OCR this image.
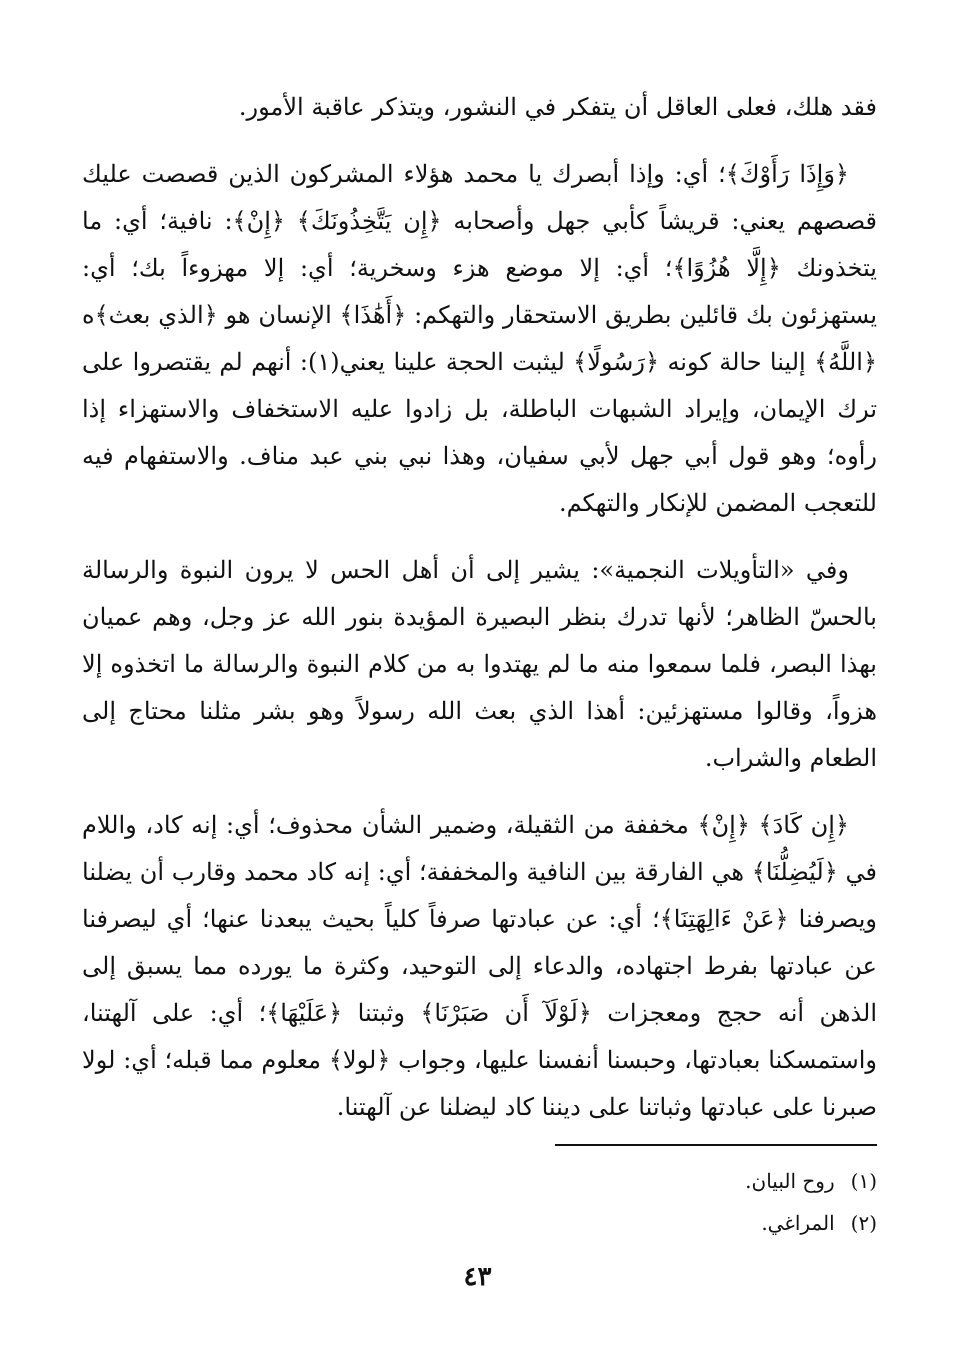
فقد هلك، فعلى العاقل أن يتفكر في النشور، ويتذكر عاقبة الأمور.

﴿وَإِذَا رَأَوْكَ﴾؛ أي: وإذا أبصرك يا محمد هؤلاء المشركون الذين قصصت عليك قصصهم يعني: قريشاً كأبي جهل وأصحابه ﴿إِن يَتَّخِذُونَكَ﴾ ﴿إِنْ﴾: نافية؛ أي: ما يتخذونك ﴿إِلَّا هُزُوًا﴾؛ أي: إلا موضع هزء وسخرية؛ أي: إلا مهزوءاً بك؛ أي: يستهزئون بك قائلين بطريق الاستحقار والتهكم: ﴿أَهَٰذَا﴾ الإنسان هو ﴿الذي بعث﴾ه ﴿اللَّهُ﴾ إلينا حالة كونه ﴿رَسُولًا﴾ ليثبت الحجة علينا يعني(١): أنهم لم يقتصروا على ترك الإيمان، وإيراد الشبهات الباطلة، بل زادوا عليه الاستخفاف والاستهزاء إذا رأوه؛ وهو قول أبي جهل لأبي سفيان، وهذا نبي بني عبد مناف. والاستفهام فيه للتعجب المضمن للإنكار والتهكم.

وفي «التأويلات النجمية»: يشير إلى أن أهل الحس لا يرون النبوة والرسالة بالحسّ الظاهر؛ لأنها تدرك بنظر البصيرة المؤيدة بنور الله عز وجل، وهم عميان بهذا البصر، فلما سمعوا منه ما لم يهتدوا به من كلام النبوة والرسالة ما اتخذوه إلا هزواً، وقالوا مستهزئين: أهذا الذي بعث الله رسولاً وهو بشر مثلنا محتاج إلى الطعام والشراب.

﴿إِن كَادَ﴾ ﴿إِنْ﴾ مخففة من الثقيلة، وضمير الشأن محذوف؛ أي: إنه كاد، واللام في ﴿لَيُضِلُّنَا﴾ هي الفارقة بين النافية والمخففة؛ أي: إنه كاد محمد وقارب أن يضلنا ويصرفنا ﴿عَنْ ءَالِهَتِنَا﴾؛ أي: عن عبادتها صرفاً كلياً بحيث يبعدنا عنها؛ أي ليصرفنا عن عبادتها بفرط اجتهاده، والدعاء إلى التوحيد، وكثرة ما يورده مما يسبق إلى الذهن أنه حجج ومعجزات ﴿لَوْلَآ أَن صَبَرْنَا﴾ وثبتنا ﴿عَلَيْهَا﴾؛ أي: على آلهتنا، واستمسكنا بعبادتها، وحبسنا أنفسنا عليها، وجواب ﴿لولا﴾ معلوم مما قبله؛ أي: لولا صبرنا على عبادتها وثباتنا على ديننا كاد ليضلنا عن آلهتنا.

(١)روح البيان.
(٢)المراغي.
٤٣
